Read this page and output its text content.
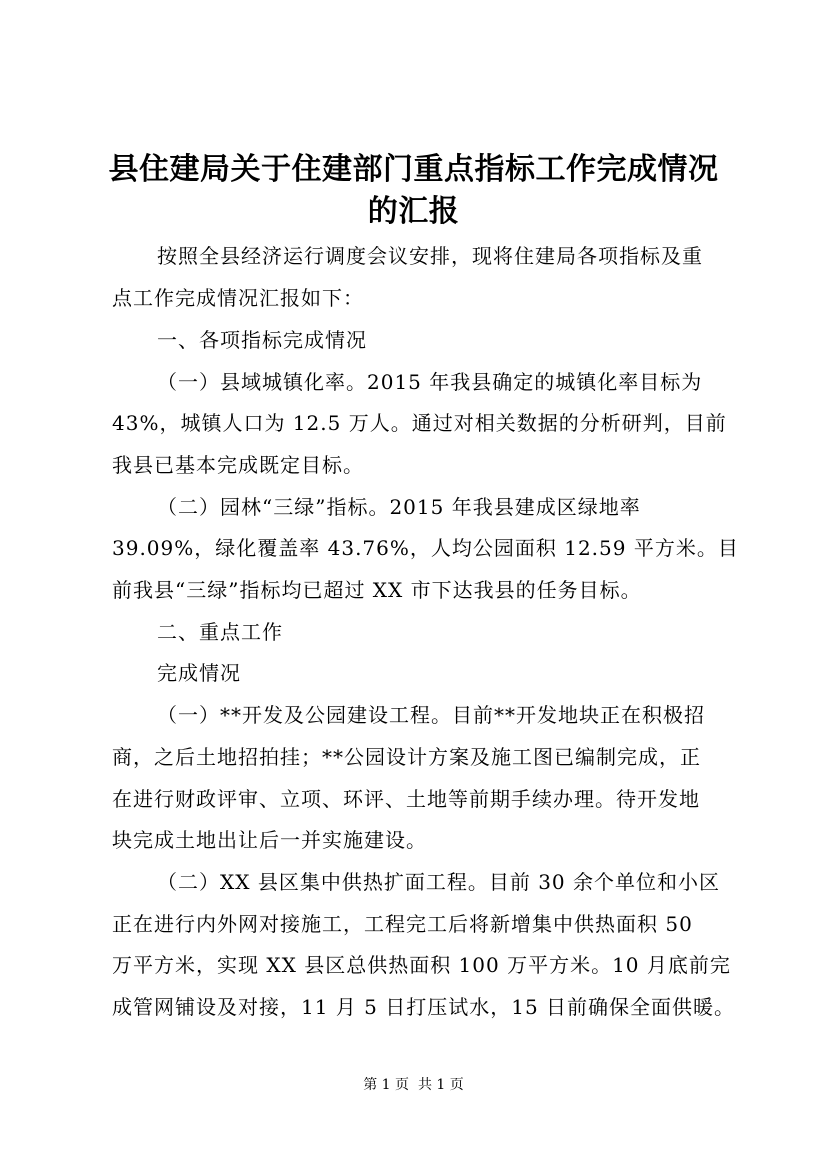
县住建局关于住建部门重点指标工作完成情况
的汇报
按照全县经济运行调度会议安排，现将住建局各项指标及重
点工作完成情况汇报如下：
一、各项指标完成情况
（一）县域城镇化率。2015 年我县确定的城镇化率目标为
43%，城镇人口为 12.5 万人。通过对相关数据的分析研判，目前
我县已基本完成既定目标。
（二）园林“三绿”指标。2015 年我县建成区绿地率
39.09%，绿化覆盖率 43.76%，人均公园面积 12.59 平方米。目
前我县“三绿”指标均已超过 XX 市下达我县的任务目标。
二、重点工作
完成情况
（一）**开发及公园建设工程。目前**开发地块正在积极招
商，之后土地招拍挂；**公园设计方案及施工图已编制完成，正
在进行财政评审、立项、环评、土地等前期手续办理。待开发地
块完成土地出让后一并实施建设。
（二）XX 县区集中供热扩面工程。目前 30 余个单位和小区
正在进行内外网对接施工，工程完工后将新增集中供热面积 50
万平方米，实现 XX 县区总供热面积 100 万平方米。10 月底前完
成管网铺设及对接，11 月 5 日打压试水，15 日前确保全面供暖。
第 1 页  共 1 页
